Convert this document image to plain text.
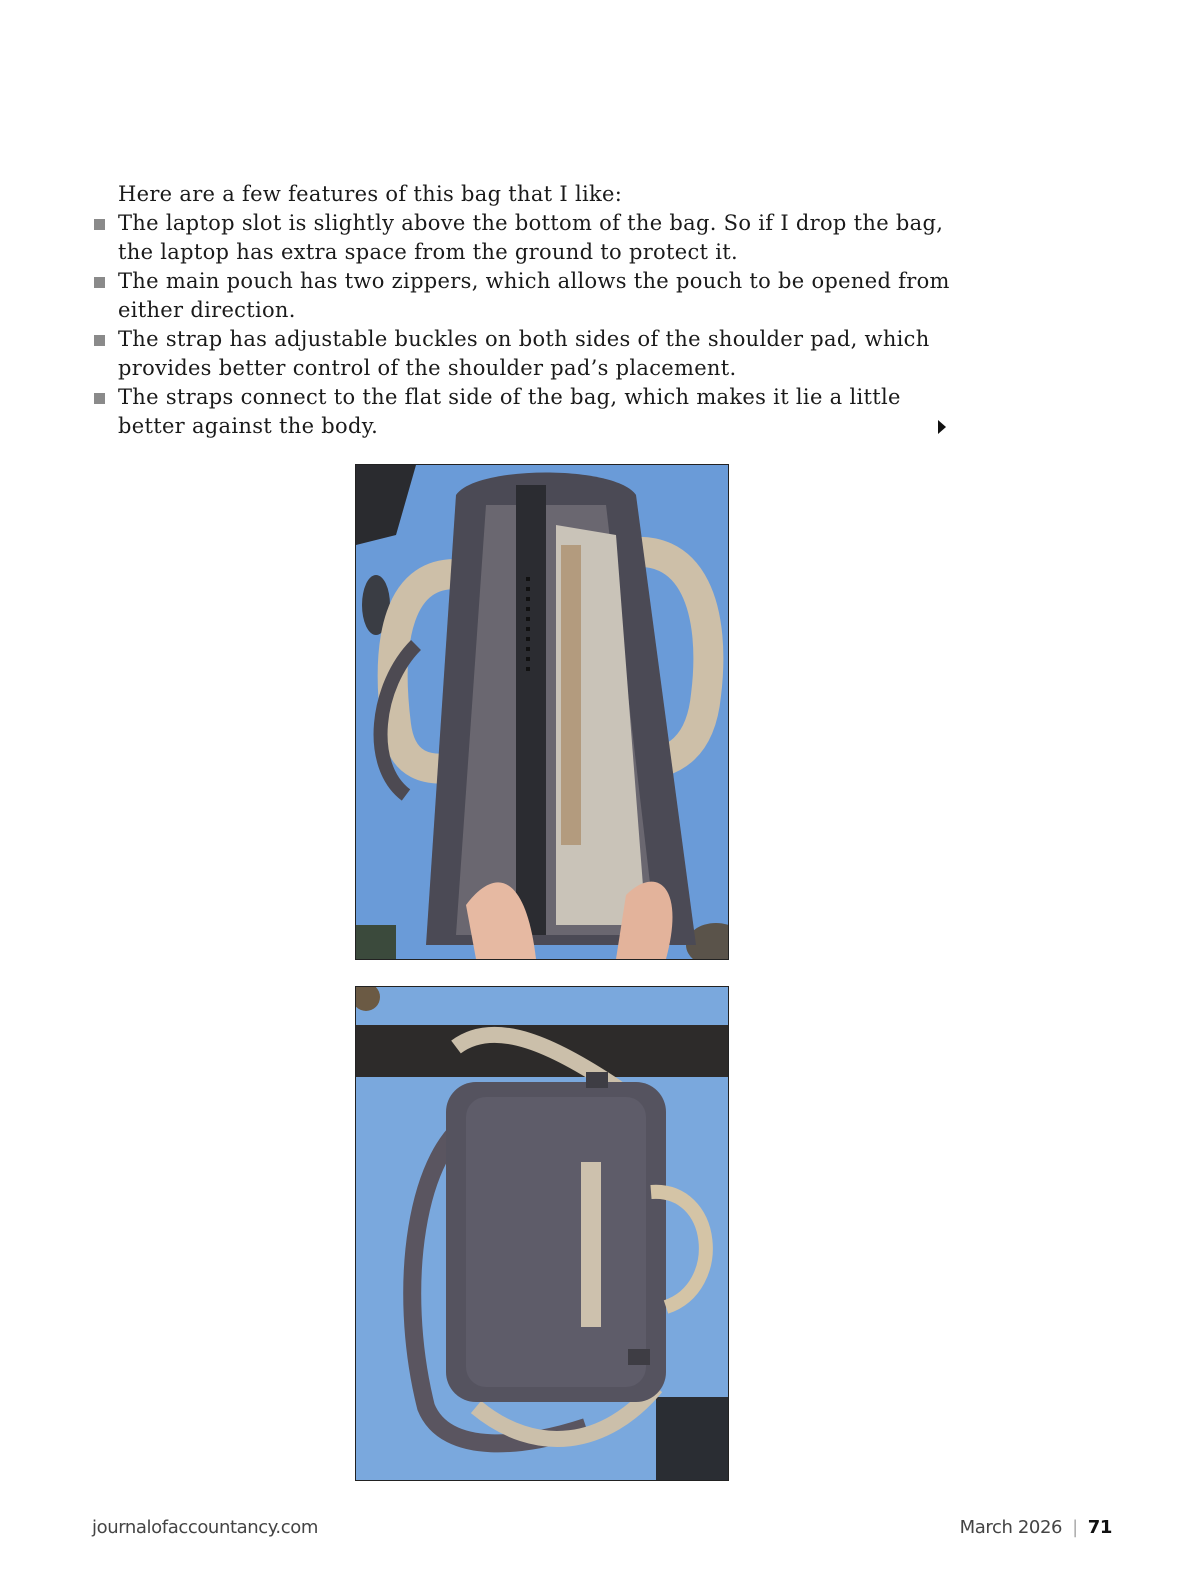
Here are a few features of this bag that I like:

The laptop slot is slightly above the bottom of the bag. So if I drop the bag, the laptop has extra space from the ground to protect it.
The main pouch has two zippers, which allows the pouch to be opened from either direction.
The strap has adjustable buckles on both sides of the shoulder pad, which provides better control of the shoulder pad’s placement.
The straps connect to the flat side of the bag, which makes it lie a little better against the body.
journalofaccountancy.com	March 2026 | 71
